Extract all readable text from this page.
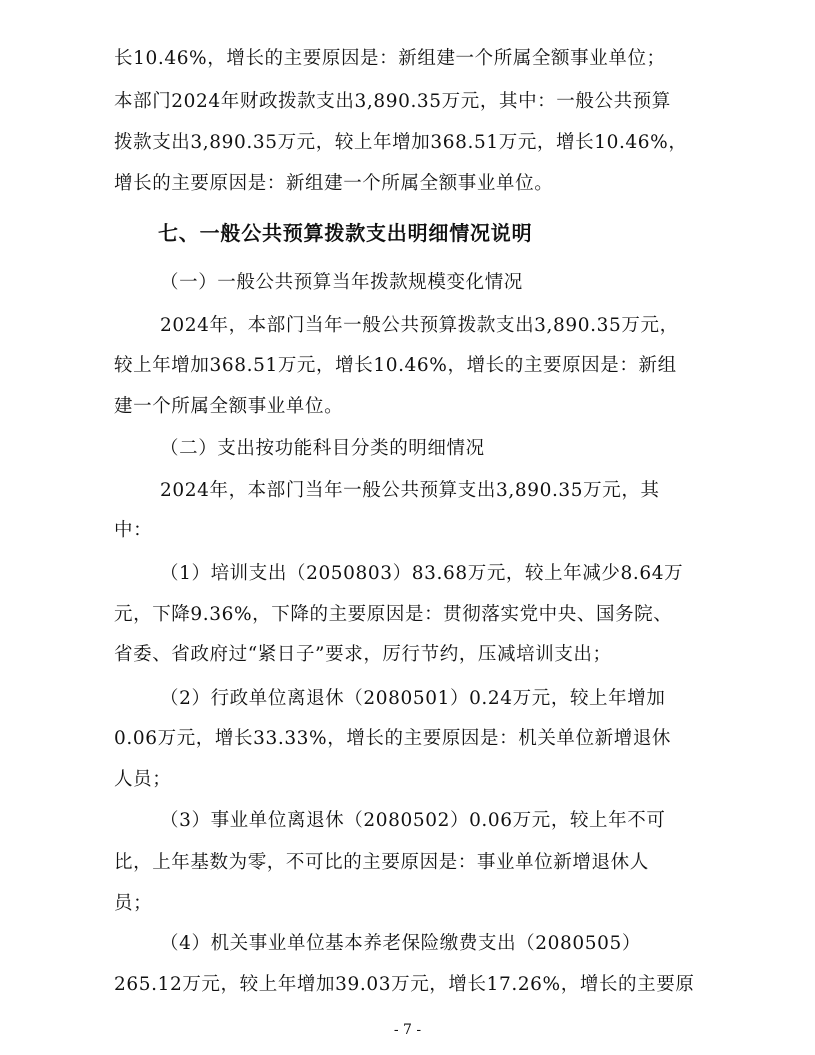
长10.46%，增长的主要原因是：新组建一个所属全额事业单位；
本部门2024年财政拨款支出3,890.35万元，其中：一般公共预算
拨款支出3,890.35万元，较上年增加368.51万元，增长10.46%，
增长的主要原因是：新组建一个所属全额事业单位。
七、一般公共预算拨款支出明细情况说明
（一）一般公共预算当年拨款规模变化情况
2024年，本部门当年一般公共预算拨款支出3,890.35万元，
较上年增加368.51万元，增长10.46%，增长的主要原因是：新组
建一个所属全额事业单位。
（二）支出按功能科目分类的明细情况
2024年，本部门当年一般公共预算支出3,890.35万元，其
中：
（1）培训支出（2050803）83.68万元，较上年减少8.64万
元，下降9.36%，下降的主要原因是：贯彻落实党中央、国务院、
省委、省政府过“紧日子”要求，厉行节约，压减培训支出；
（2）行政单位离退休（2080501）0.24万元，较上年增加
0.06万元，增长33.33%，增长的主要原因是：机关单位新增退休
人员；
（3）事业单位离退休（2080502）0.06万元，较上年不可
比，上年基数为零，不可比的主要原因是：事业单位新增退休人
员；
（4）机关事业单位基本养老保险缴费支出（2080505）
265.12万元，较上年增加39.03万元，增长17.26%，增长的主要原
- 7 -
